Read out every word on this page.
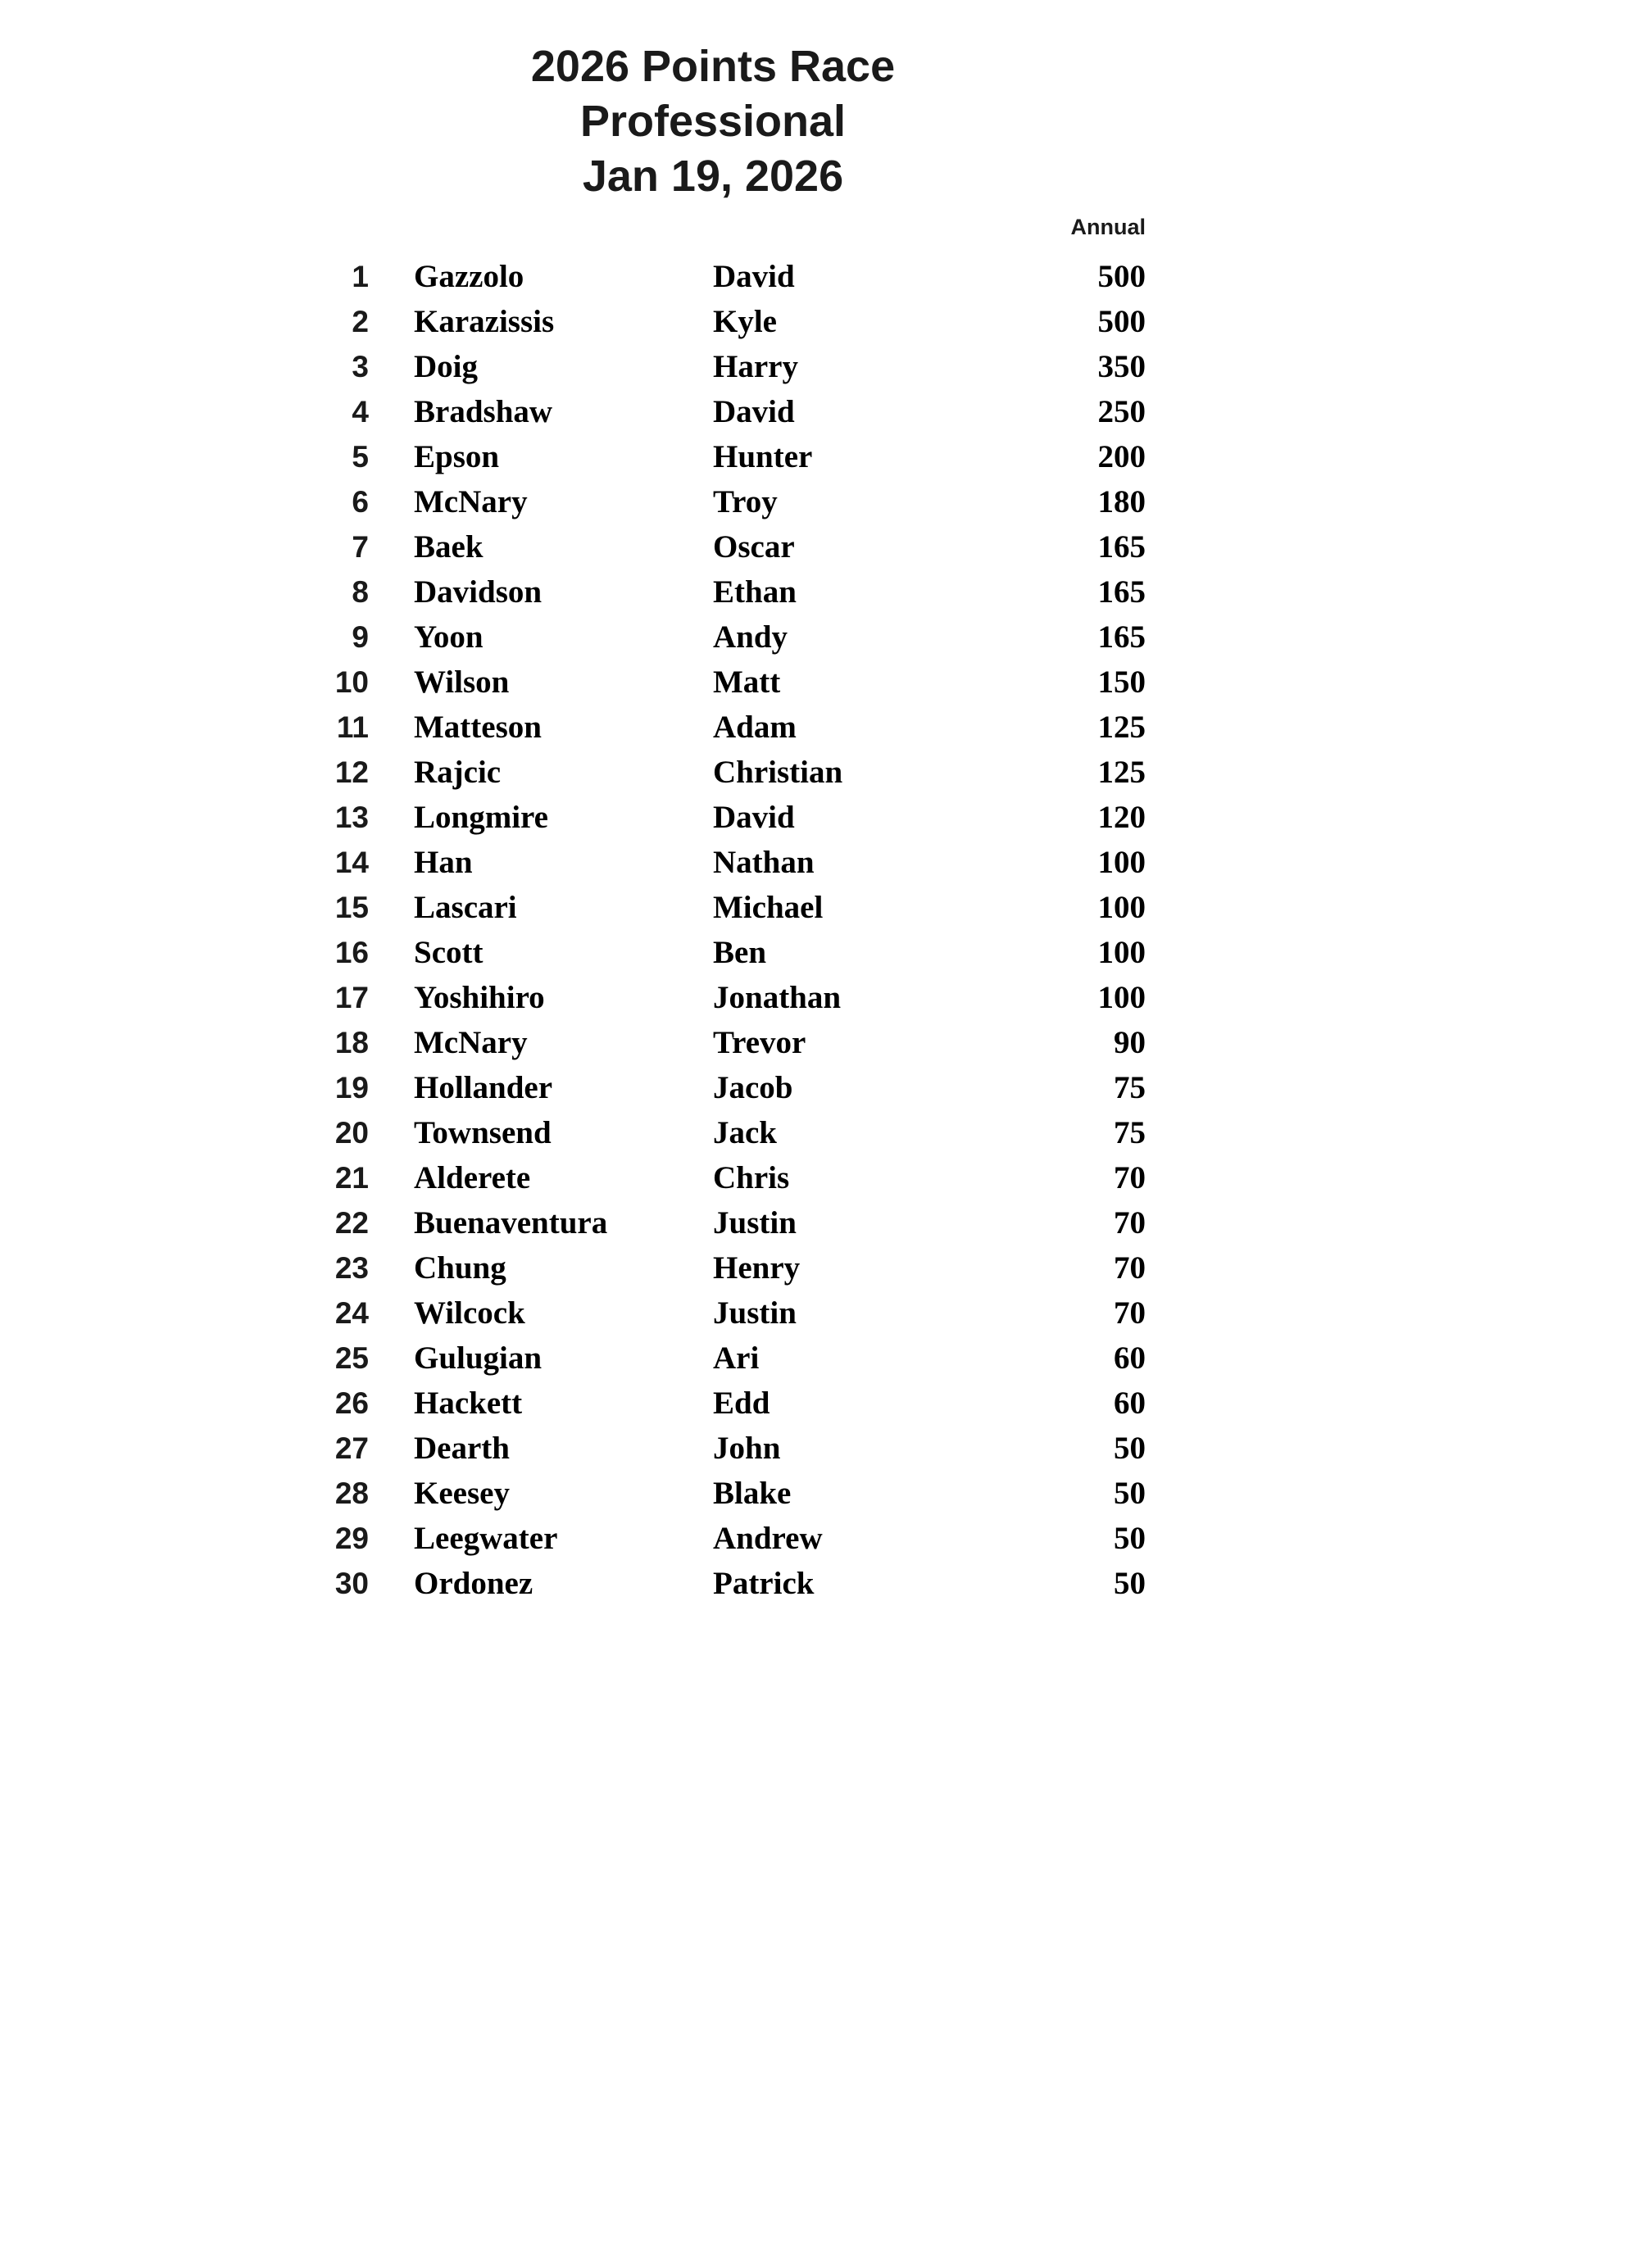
2026 Points Race
Professional
Jan 19, 2026
Annual
1	Gazzolo	David	500
2	Karazissis	Kyle	500
3	Doig	Harry	350
4	Bradshaw	David	250
5	Epson	Hunter	200
6	McNary	Troy	180
7	Baek	Oscar	165
8	Davidson	Ethan	165
9	Yoon	Andy	165
10	Wilson	Matt	150
11	Matteson	Adam	125
12	Rajcic	Christian	125
13	Longmire	David	120
14	Han	Nathan	100
15	Lascari	Michael	100
16	Scott	Ben	100
17	Yoshihiro	Jonathan	100
18	McNary	Trevor	90
19	Hollander	Jacob	75
20	Townsend	Jack	75
21	Alderete	Chris	70
22	Buenaventura	Justin	70
23	Chung	Henry	70
24	Wilcock	Justin	70
25	Gulugian	Ari	60
26	Hackett	Edd	60
27	Dearth	John	50
28	Keesey	Blake	50
29	Leegwater	Andrew	50
30	Ordonez	Patrick	50
